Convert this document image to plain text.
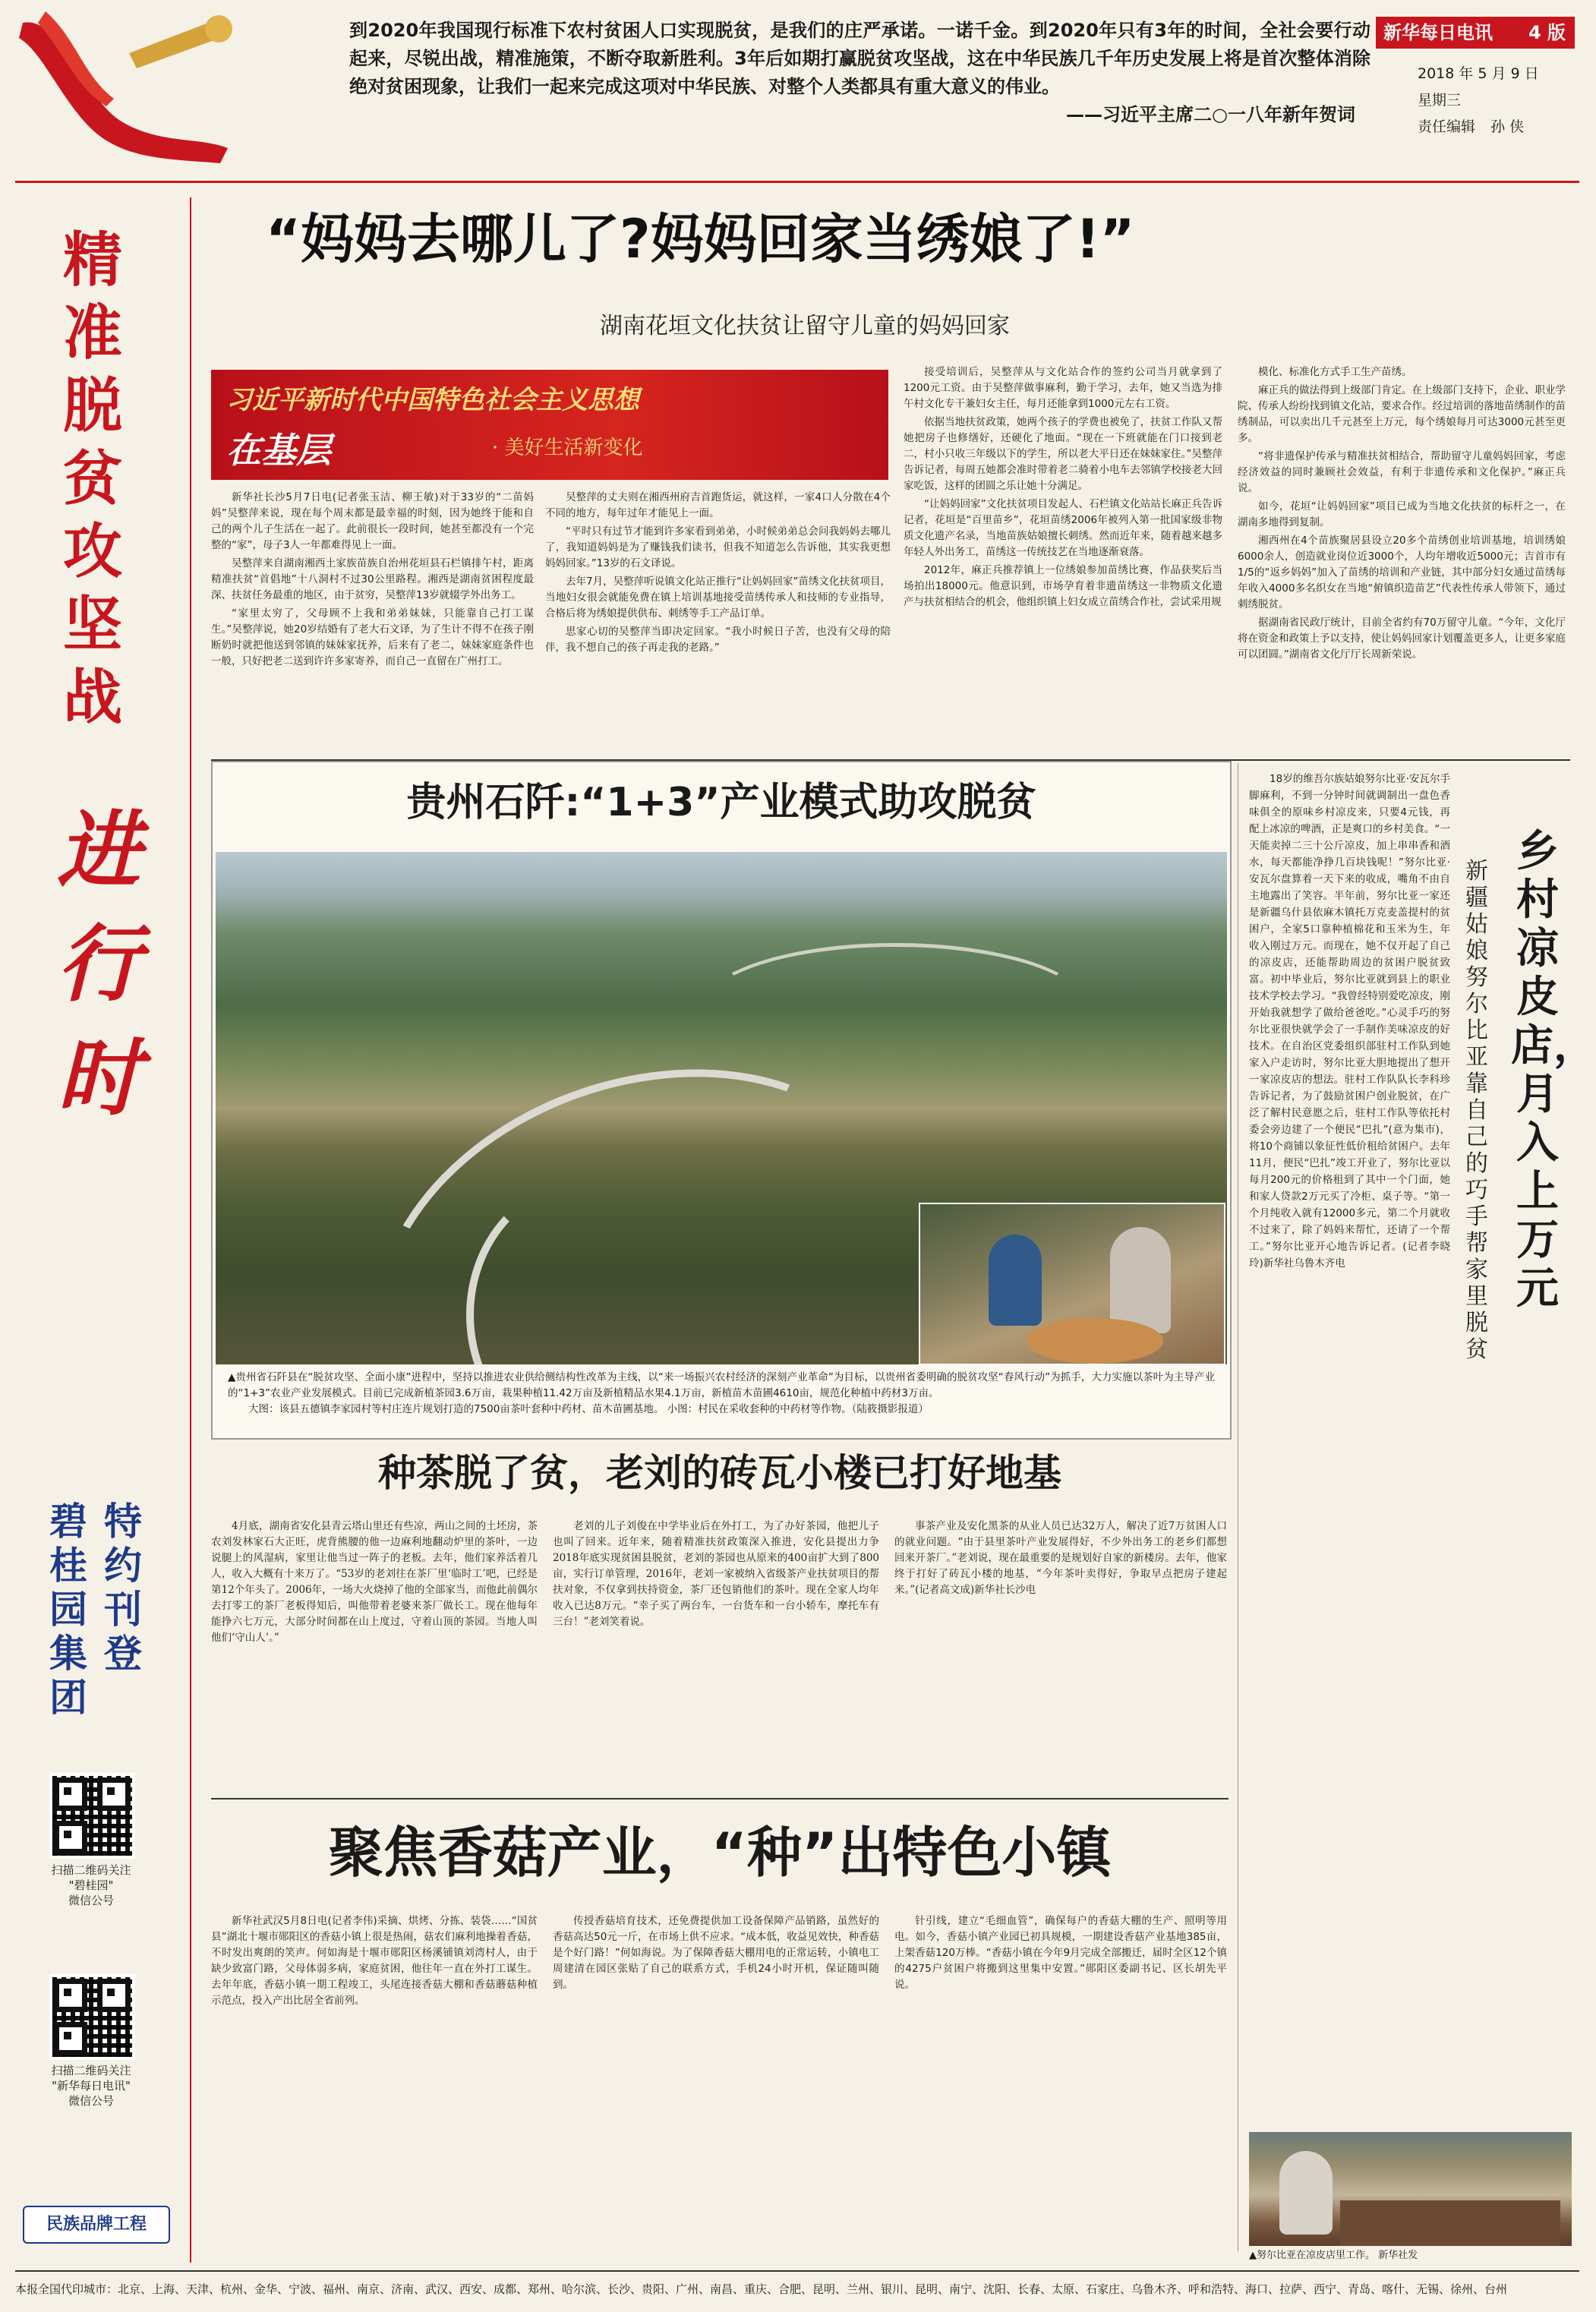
到2020年我国现行标准下农村贫困人口实现脱贫，是我们的庄严承诺。一诺千金。到2020年只有3年的时间，全社会要行动起来，尽锐出战，精准施策，不断夺取新胜利。3年后如期打赢脱贫攻坚战，这在中华民族几千年历史发展上将是首次整体消除绝对贫困现象，让我们一起来完成这项对中华民族、对整个人类都具有重大意义的伟业。
——习近平主席二○一八年新年贺词
新华每日电讯 4 版
2018 年 5 月 9 日
星期三
责任编辑 孙 侠
精准脱贫攻坚战
进行时
碧桂园集团
特约刊登
扫描二维码关注
"碧桂园"
微信公号
扫描二维码关注
"新华每日电讯"
微信公号
民族品牌工程
“妈妈去哪儿了?妈妈回家当绣娘了!”
湖南花垣文化扶贫让留守儿童的妈妈回家
习近平新时代中国特色社会主义思想
在基层	· 美好生活新变化

新华社长沙5月7日电(记者张玉洁、柳王敏)对于33岁的“二苗妈妈”吴整萍来说，现在每个周末都是最幸福的时刻，因为她终于能和自己的两个儿子生活在一起了。此前很长一段时间，她甚至都没有一个完整的“家”，母子3人一年都难得见上一面。

吴整萍来自湖南湘西土家族苗族自治州花垣县石栏镇排午村，距离精准扶贫“首倡地”十八洞村不过30公里路程。湘西是湖南贫困程度最深、扶贫任务最重的地区，由于贫穷，吴整萍13岁就辍学外出务工。

“家里太穷了，父母顾不上我和弟弟妹妹，只能靠自己打工谋生。”吴整萍说，她20岁结婚有了老大石文译，为了生计不得不在孩子刚断奶时就把他送到邻镇的妹妹家抚养，后来有了老二，妹妹家庭条件也一般，只好把老二送到许许多家寄养，而自己一直留在广州打工。

吴整萍的丈夫则在湘西州府吉首跑货运，就这样，一家4口人分散在4个不同的地方，每年过年才能见上一面。

“平时只有过节才能到许多家看到弟弟，小时候弟弟总会问我妈妈去哪儿了，我知道妈妈是为了赚钱我们读书，但我不知道怎么告诉他，其实我更想妈妈回家。”13岁的石文译说。

去年7月，吴整萍听说镇文化站正推行“让妈妈回家”苗绣文化扶贫项目，当地妇女很会就能免费在镇上培训基地接受苗绣传承人和技师的专业指导，合格后将为绣娘提供供布、刺绣等手工产品订单。

思家心切的吴整萍当即决定回家。“我小时候日子苦，也没有父母的陪伴，我不想自己的孩子再走我的老路。”

接受培训后，吴整萍从与文化站合作的签约公司当月就拿到了1200元工资。由于吴整萍做事麻利，勤于学习，去年，她又当选为排午村文化专干兼妇女主任，每月还能拿到1000元左右工资。

依据当地扶贫政策，她两个孩子的学费也被免了，扶贫工作队又帮她把房子也修缮好，还硬化了地面。“现在一下班就能在门口接到老二，村小只收三年级以下的学生，所以老大平日还在妹妹家住。”吴整萍告诉记者，每周五她都会准时带着老二骑着小电车去邻镇学校接老大回家吃饭，这样的团圆之乐让她十分满足。

“让妈妈回家”文化扶贫项目发起人、石栏镇文化站站长麻正兵告诉记者，花垣是“百里苗乡”，花垣苗绣2006年被列入第一批国家级非物质文化遗产名录，当地苗族姑娘擅长刺绣。然而近年来，随着越来越多年轻人外出务工，苗绣这一传统技艺在当地逐渐衰落。

2012年，麻正兵推荐镇上一位绣娘参加苗绣比赛，作品获奖后当场拍出18000元。他意识到，市场孕育着非遗苗绣这一非物质文化遗产与扶贫相结合的机会，他组织镇上妇女成立苗绣合作社，尝试采用规

模化、标准化方式手工生产苗绣。

麻正兵的做法得到上级部门肯定。在上级部门支持下，企业、职业学院、传承人纷纷找到镇文化站，要求合作。经过培训的落地苗绣制作的苗绣制品，可以卖出几千元甚至上万元，每个绣娘每月可达3000元甚至更多。

“将非遗保护传承与精准扶贫相结合，帮助留守儿童妈妈回家，考虑经济效益的同时兼顾社会效益，有利于非遗传承和文化保护。”麻正兵说。

如今，花垣“让妈妈回家”项目已成为当地文化扶贫的标杆之一，在湖南多地得到复制。

湘西州在4个苗族聚居县设立20多个苗绣创业培训基地，培训绣娘6000余人，创造就业岗位近3000个，人均年增收近5000元；吉首市有1/5的“返乡妈妈”加入了苗绣的培训和产业链，其中部分妇女通过苗绣每年收入4000多名织女在当地“俯镇织造苗艺”代表性传承人带领下，通过刺绣脱贫。

据湖南省民政厅统计，目前全省约有70万留守儿童。“今年，文化厅将在资金和政策上予以支持，使让妈妈回家计划覆盖更多人，让更多家庭可以团圆。”湖南省文化厅厅长周新荣说。

贵州石阡:“1+3”产业模式助攻脱贫
▲贵州省石阡县在“脱贫攻坚、全面小康”进程中，坚持以推进农业供给侧结构性改革为主线，以“来一场振兴农村经济的深刻产业革命”为目标，以贵州省委明确的脱贫攻坚“春风行动”为抓手，大力实施以茶叶为主导产业的“1+3”农业产业发展模式。目前已完成新植茶园3.6万亩，栽果种植11.42万亩及新植精品水果4.1万亩，新植苗木苗圃4610亩，规范化种植中药材3万亩。
大图：该县五德镇李家园村等村庄连片规划打造的7500亩茶叶套种中药材、苗木苗圃基地。 小图：村民在采收套种的中药材等作物。（陆筱摄影报道）
种茶脱了贫，老刘的砖瓦小楼已打好地基

4月底，湖南省安化县青云塔山里还有些凉，两山之间的土坯房，茶农刘发林家石大正旺，虎背熊腰的他一边麻利地翻动炉里的茶叶，一边说腿上的风湿病，家里让他当过一阵子的老板。去年，他们家养活着几人，收入大概有十来万了。“53岁的老刘往在茶厂里‘临时工’吧，已经是第12个年头了。2006年，一场大火烧掉了他的全部家当，而他此前偶尔去打零工的茶厂老板得知后，叫他带着老婆来茶厂做长工。现在他每年能挣六七万元，大部分时间都在山上度过，守着山顶的茶园。当地人叫他们‘守山人’。”

老刘的儿子刘俊在中学毕业后在外打工，为了办好茶园，他把儿子也叫了回来。近年来，随着精准扶贫政策深入推进，安化县提出力争2018年底实现贫困县脱贫，老刘的茶园也从原来的400亩扩大到了800亩，实行订单管理，2016年，老刘一家被纳入省级茶产业扶贫项目的帮扶对象，不仅拿到扶持资金，茶厂还包销他们的茶叶。现在全家人均年收入已达8万元。“幸子买了两台车，一台货车和一台小轿车，摩托车有三台！”老刘笑着说。

事茶产业及安化黑茶的从业人员已达32万人，解决了近7万贫困人口的就业问题。“由于县里茶叶产业发展得好，不少外出务工的老乡们都想回来开茶厂。”老刘说，现在最重要的是规划好自家的新楼房。去年，他家终于打好了砖瓦小楼的地基，“今年茶叶卖得好，争取早点把房子建起来。”(记者高文成)新华社长沙电

聚焦香菇产业，“种”出特色小镇

新华社武汉5月8日电(记者李伟)采摘、烘烤、分拣、装袋……“国贫县”湖北十堰市郧阳区的香菇小镇上很是热闹，菇农们麻利地操着香菇，不时发出爽朗的笑声。何如海是十堰市郧阳区杨溪铺镇刘湾村人，由于缺少致富门路，父母体弱多病，家庭贫困，他往年一直在外打工谋生。去年年底，香菇小镇一期工程竣工，头尾连接香菇大棚和香菇蘑菇种植示范点，投入产出比居全省前列。

传授香菇培育技术，还免费提供加工设备保障产品销路，虽然好的香菇高达50元一斤，在市场上供不应求。“成本低，收益见效快，种香菇是个好门路！”何如海说。为了保障香菇大棚用电的正常运转，小镇电工周建清在园区张贴了自己的联系方式，手机24小时开机，保证随叫随到。

针引线，建立“毛细血管”，确保每户的香菇大棚的生产、照明等用电。如今，香菇小镇产业园已初具规模，一期建设香菇产业基地385亩，上架香菇120万棒。“香菇小镇在今年9月完成全部搬迁，届时全区12个镇的4275户贫困户将搬到这里集中安置。”郧阳区委副书记、区长胡先平说。

18岁的维吾尔族姑娘努尔比亚·安瓦尔手脚麻利，不到一分钟时间就调制出一盘色香味俱全的原味乡村凉皮来，只要4元钱，再配上冰凉的啤酒，正是爽口的乡村美食。“一天能卖掉二三十公斤凉皮，加上串串香和酒水，每天都能净挣几百块钱呢！”努尔比亚·安瓦尔盘算着一天下来的收成，嘴角不由自主地露出了笑容。半年前，努尔比亚一家还是新疆乌什县依麻木镇托万克麦盖提村的贫困户，全家5口靠种植棉花和玉米为生，年收入刚过万元。而现在，她不仅开起了自己的凉皮店，还能帮助周边的贫困户脱贫致富。初中毕业后，努尔比亚就到县上的职业技术学校去学习。“我曾经特别爱吃凉皮，刚开始我就想学了做给爸爸吃。”心灵手巧的努尔比亚很快就学会了一手制作美味凉皮的好技术。在自治区党委组织部驻村工作队到她家入户走访时，努尔比亚大胆地提出了想开一家凉皮店的想法。驻村工作队队长李科珍告诉记者，为了鼓励贫困户创业脱贫，在广泛了解村民意愿之后，驻村工作队等依托村委会旁边建了一个便民“巴扎”(意为集市)，将10个商铺以象征性低价租给贫困户。去年11月，便民“巴扎”竣工开业了，努尔比亚以每月200元的价格租到了其中一个门面，她和家人贷款2万元买了冷柜、桌子等。“第一个月纯收入就有12000多元，第二个月就收不过来了，除了妈妈来帮忙，还请了一个帮工。”努尔比亚开心地告诉记者。(记者李晓玲)新华社乌鲁木齐电

乡村凉皮店，月入上万元
新疆姑娘努尔比亚靠自己的巧手帮家里脱贫
▲努尔比亚在凉皮店里工作。 新华社发
本报全国代印城市：北京、上海、天津、杭州、金华、宁波、福州、南京、济南、武汉、西安、成都、郑州、哈尔滨、长沙、贵阳、广州、南昌、重庆、合肥、昆明、兰州、银川、昆明、南宁、沈阳、长春、太原、石家庄、乌鲁木齐、呼和浩特、海口、拉萨、西宁、青岛、喀什、无锡、徐州、台州
